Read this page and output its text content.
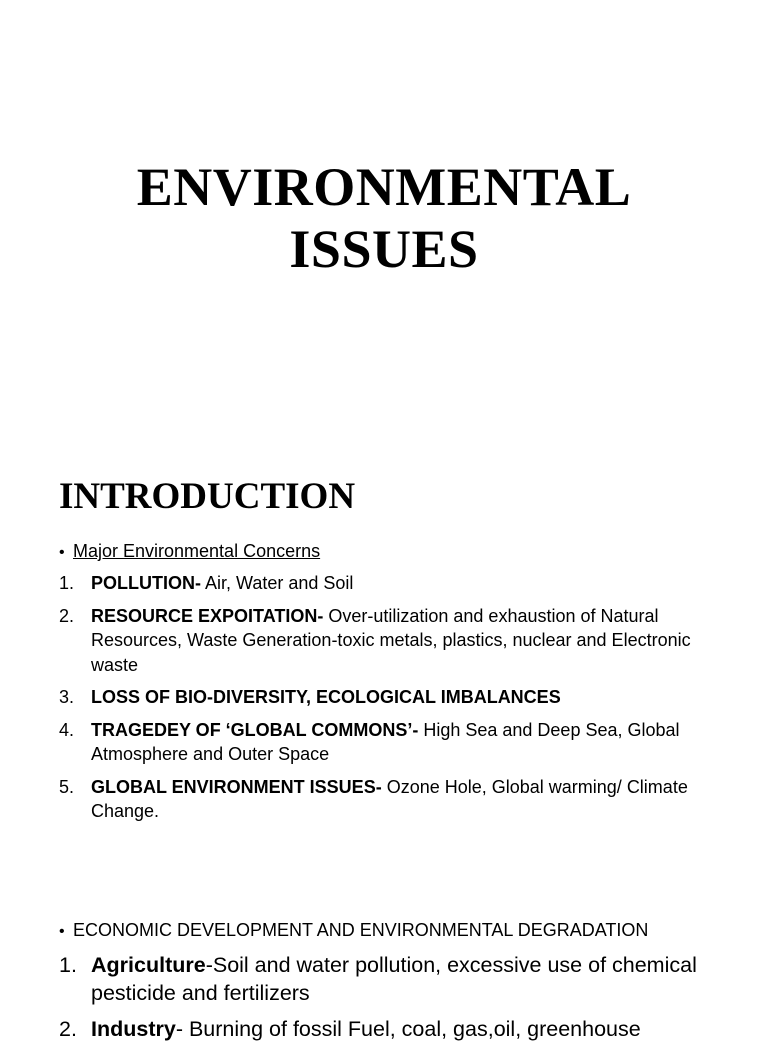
ENVIRONMENTAL
ISSUES
INTRODUCTION
• Major Environmental Concerns
1. POLLUTION- Air, Water and Soil
2. RESOURCE EXPOITATION- Over-utilization and exhaustion of Natural Resources, Waste Generation-toxic metals, plastics, nuclear and Electronic waste
3. LOSS OF BIO-DIVERSITY, ECOLOGICAL IMBALANCES
4. TRAGEDEY OF ‘GLOBAL COMMONS’- High Sea and Deep Sea, Global Atmosphere and Outer Space
5. GLOBAL ENVIRONMENT ISSUES- Ozone Hole, Global warming/ Climate Change.
• ECONOMIC DEVELOPMENT AND ENVIRONMENTAL DEGRADATION
1. Agriculture-Soil and water pollution, excessive use of chemical pesticide and fertilizers
2. Industry- Burning of fossil Fuel, coal, gas,oil, greenhouse
